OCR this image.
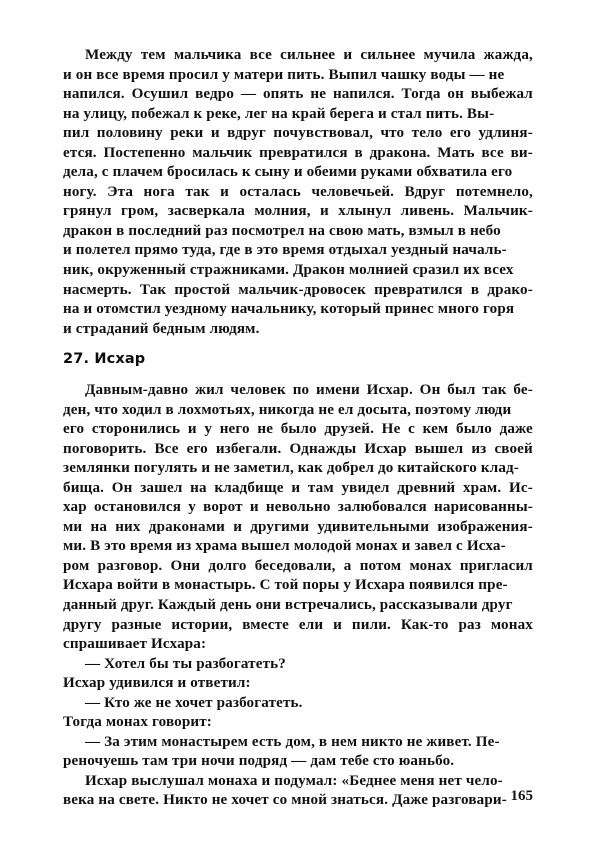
Между тем мальчика все сильнее и сильнее мучила жажда,
и он все время просил у матери пить. Выпил чашку воды — не
напился. Осушил ведро — опять не напился. Тогда он выбежал
на улицу, побежал к реке, лег на край берега и стал пить. Вы-
пил половину реки и вдруг почувствовал, что тело его удлиня-
ется. Постепенно мальчик превратился в дракона. Мать все ви-
дела, с плачем бросилась к сыну и обеими руками обхватила его
ногу. Эта нога так и осталась человечьей. Вдруг потемнело,
грянул гром, засверкала молния, и хлынул ливень. Мальчик-
дракон в последний раз посмотрел на свою мать, взмыл в небо
и полетел прямо туда, где в это время отдыхал уездный началь-
ник, окруженный стражниками. Дракон молнией сразил их всех
насмерть. Так простой мальчик-дровосек превратился в драко-
на и отомстил уездному начальнику, который принес много горя
и страданий бедным людям.
27. Исхар
Давным-давно жил человек по имени Исхар. Он был так бе-
ден, что ходил в лохмотьях, никогда не ел досыта, поэтому люди
его сторонились и у него не было друзей. Не с кем было даже
поговорить. Все его избегали. Однажды Исхар вышел из своей
землянки погулять и не заметил, как добрел до китайского клад-
бища. Он зашел на кладбище и там увидел древний храм. Ис-
хар остановился у ворот и невольно залюбовался нарисованны-
ми на них драконами и другими удивительными изображения-
ми. В это время из храма вышел молодой монах и завел с Исха-
ром разговор. Они долго беседовали, а потом монах пригласил
Исхара войти в монастырь. С той поры у Исхара появился пре-
данный друг. Каждый день они встречались, рассказывали друг
другу разные истории, вместе ели и пили. Как-то раз монах
спрашивает Исхара:
— Хотел бы ты разбогатеть?
Исхар удивился и ответил:
— Кто же не хочет разбогатеть.
Тогда монах говорит:
— За этим монастырем есть дом, в нем никто не живет. Пе-
реночуешь там три ночи подряд — дам тебе сто юаньбо.
Исхар выслушал монаха и подумал: «Беднее меня нет чело-
века на свете. Никто не хочет со мной знаться. Даже разговари- 165
